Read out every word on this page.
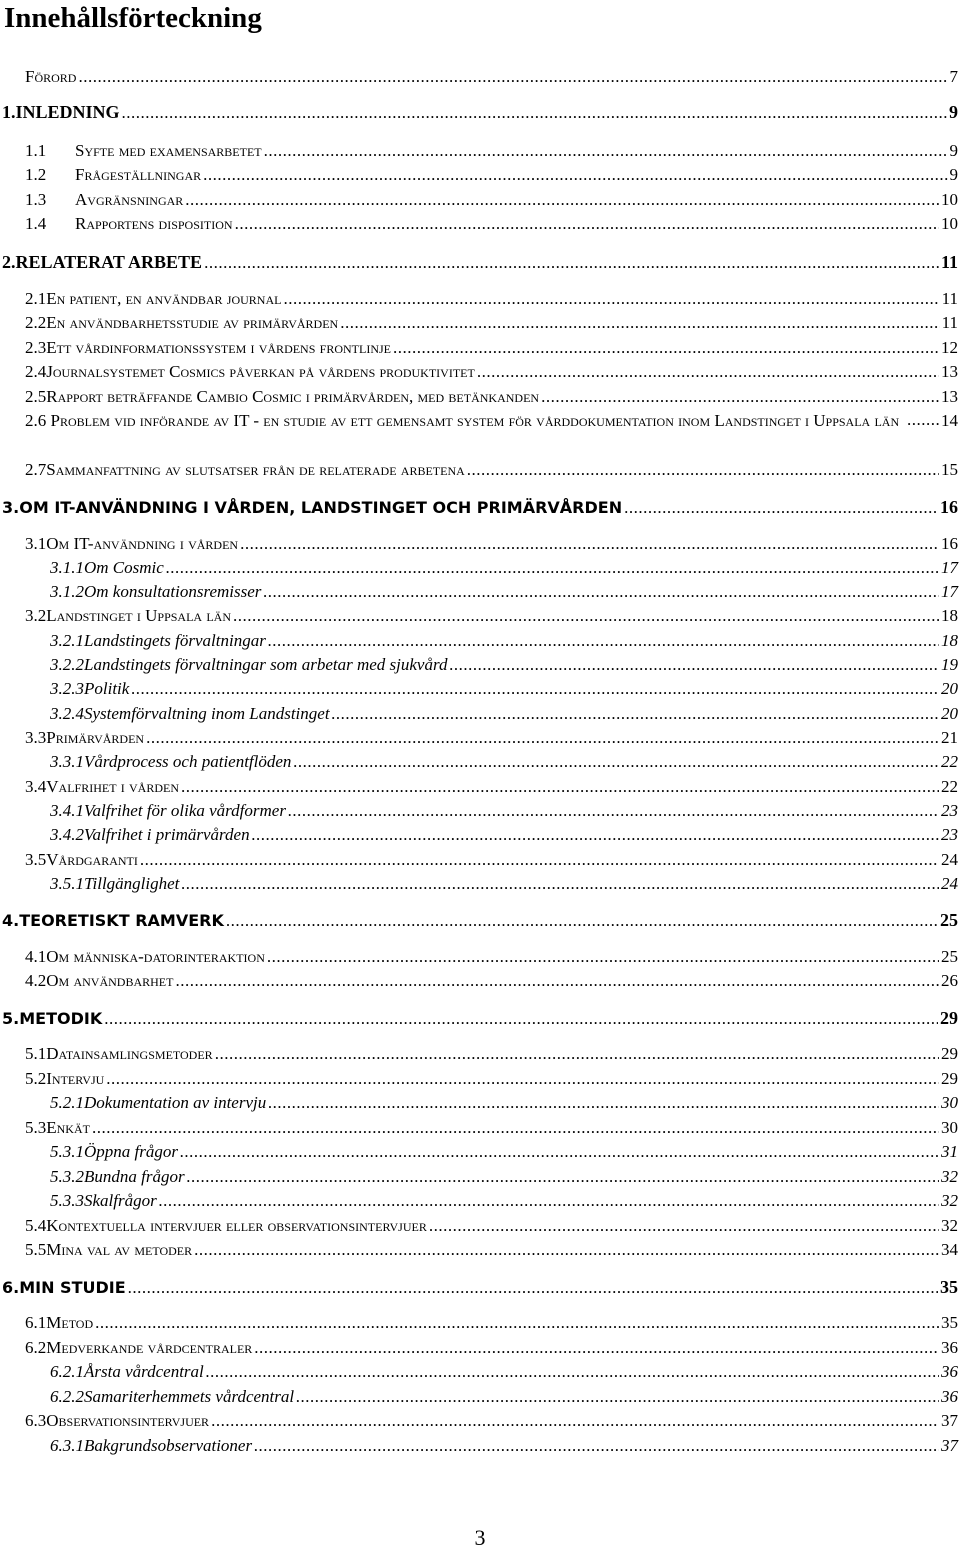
Innehållsförteckning
Förord .....	7
1. INLEDNING .....	9
1.1	Syfte med examensarbetet .....	9
1.2	Frågeställningar .....	9
1.3	Avgränsningar .....	10
1.4	Rapportens disposition .....	10
2. RELATERAT ARBETE .....	11
2.1 En patient, en användbar journal .....	11
2.2 En användbarhetsstudie av primärvården .....	11
2.3 Ett vårdinformationssystem i vårdens frontlinje .....	12
2.4 Journalsystemet Cosmics påverkan på vårdens produktivitet .....	13
2.5 Rapport beträffande Cambio Cosmic i primärvården, med betänkanden .....	13
2.6 Problem vid införande av IT - en studie av ett gemensamt system för vårddokumentation inom Landstinget i Uppsala län .....	14
2.7 Sammanfattning av slutsatser från de relaterade arbetena .....	15
3. OM IT-ANVÄNDNING I VÅRDEN, LANDSTINGET OCH PRIMÄRVÅRDEN .....	16
3.1 Om IT-användning i vården .....	16
3.1.1 Om Cosmic .....	17
3.1.2 Om konsultationsremisser .....	17
3.2 Landstinget i Uppsala län .....	18
3.2.1 Landstingets förvaltningar .....	18
3.2.2 Landstingets förvaltningar som arbetar med sjukvård .....	19
3.2.3 Politik .....	20
3.2.4 Systemförvaltning inom Landstinget .....	20
3.3 Primärvården .....	21
3.3.1 Vårdprocess och patientflöden .....	22
3.4 Valfrihet i vården .....	22
3.4.1 Valfrihet för olika vårdformer .....	23
3.4.2 Valfrihet i primärvården .....	23
3.5 Vårdgaranti .....	24
3.5.1 Tillgänglighet .....	24
4. TEORETISKT RAMVERK .....	25
4.1 Om människa-datorinteraktion .....	25
4.2 Om användbarhet .....	26
5. METODIK .....	29
5.1 Datainsamlingsmetoder .....	29
5.2 Intervju .....	29
5.2.1 Dokumentation av intervju .....	30
5.3 Enkät .....	30
5.3.1 Öppna frågor .....	31
5.3.2 Bundna frågor .....	32
5.3.3 Skalfrågor .....	32
5.4 Kontextuella intervjuer eller observationsintervjuer .....	32
5.5 Mina val av metoder .....	34
6. MIN STUDIE .....	35
6.1 Metod .....	35
6.2 Medverkande vårdcentraler .....	36
6.2.1 Årsta vårdcentral .....	36
6.2.2 Samariterhemmets vårdcentral .....	36
6.3 Observationsintervjuer .....	37
6.3.1 Bakgrundsobservationer .....	37
3
